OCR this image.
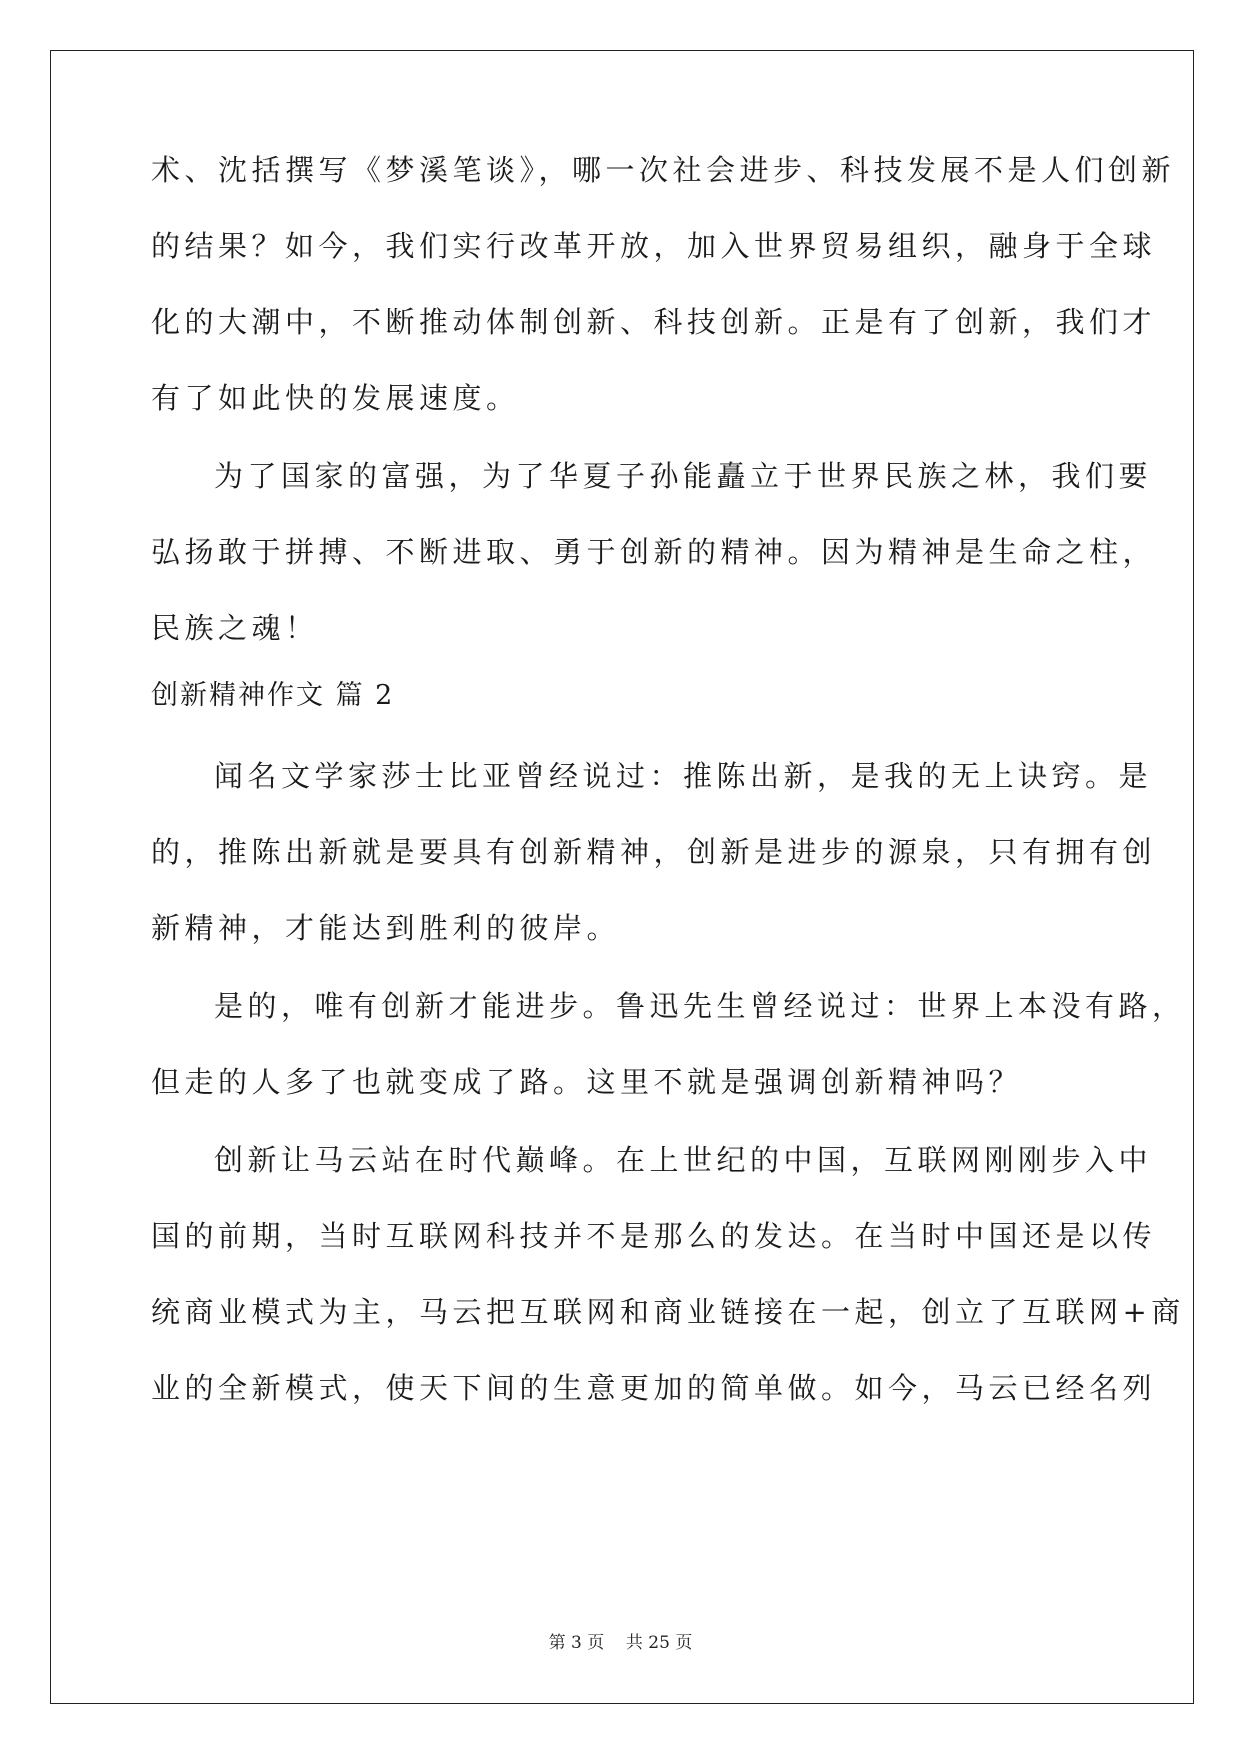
术、沈括撰写《梦溪笔谈》，哪一次社会进步、科技发展不是人们创新
的结果？如今，我们实行改革开放，加入世界贸易组织，融身于全球
化的大潮中，不断推动体制创新、科技创新。正是有了创新，我们才
有了如此快的发展速度。
为了国家的富强，为了华夏子孙能矗立于世界民族之林，我们要
弘扬敢于拼搏、不断进取、勇于创新的精神。因为精神是生命之柱，
民族之魂！
创新精神作文 篇 2
闻名文学家莎士比亚曾经说过：推陈出新，是我的无上诀窍。是
的，推陈出新就是要具有创新精神，创新是进步的源泉，只有拥有创
新精神，才能达到胜利的彼岸。
是的，唯有创新才能进步。鲁迅先生曾经说过：世界上本没有路，
但走的人多了也就变成了路。这里不就是强调创新精神吗？
创新让马云站在时代巅峰。在上世纪的中国，互联网刚刚步入中
国的前期，当时互联网科技并不是那么的发达。在当时中国还是以传
统商业模式为主，马云把互联网和商业链接在一起，创立了互联网+商
业的全新模式，使天下间的生意更加的简单做。如今，马云已经名列
第 3 页    共 25 页
